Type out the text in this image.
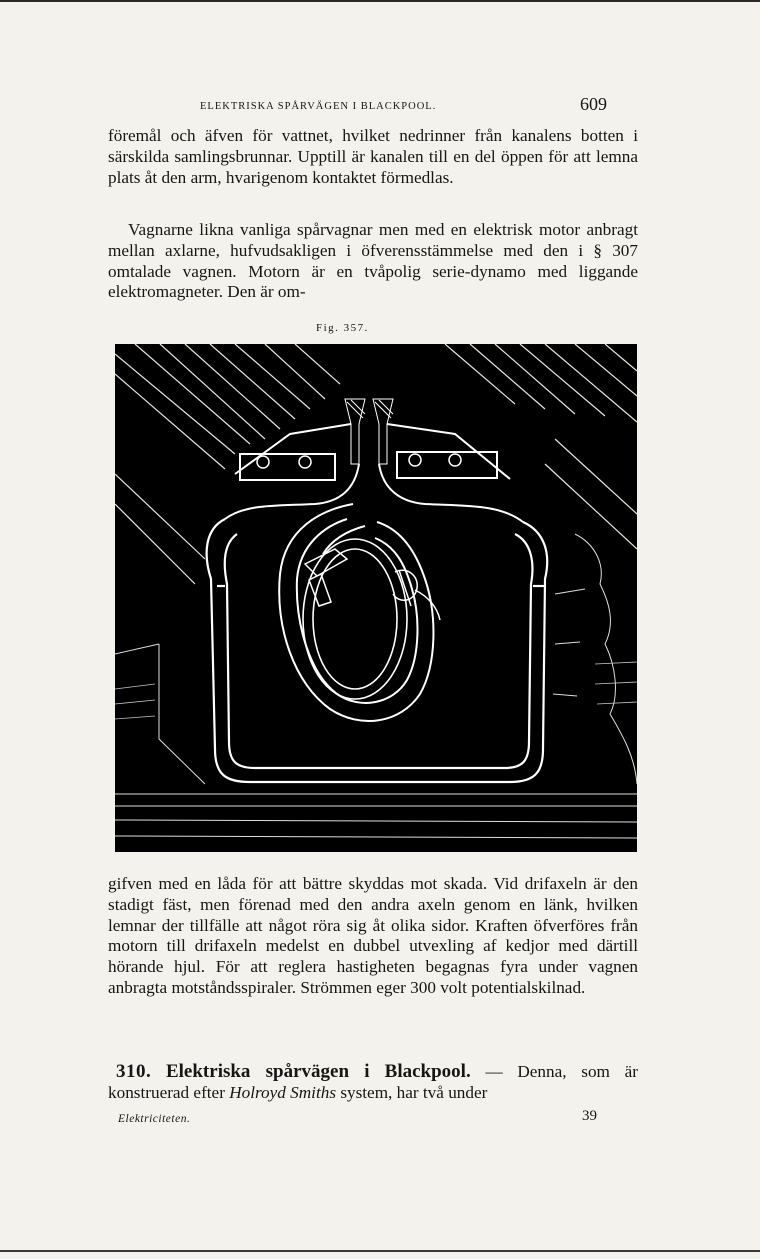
ELEKTRISKA SPÅRVÄGEN I BLACKPOOL.	609

föremål och äfven för vattnet, hvilket nedrinner från kanalens botten i särskilda samlingsbrunnar. Upptill är kanalen till en del öppen för att lemna plats åt den arm, hvarigenom kontaktet förmedlas.

Vagnarne likna vanliga spårvagnar men med en elektrisk motor anbragt mellan axlarne, hufvudsakligen i öfverensstämmelse med den i § 307 omtalade vagnen. Motorn är en tvåpolig serie-dynamo med liggande elektromagneter. Den är om-

Fig. 357.

gifven med en låda för att bättre skyddas mot skada. Vid drifaxeln är den stadigt fäst, men förenad med den andra axeln genom en länk, hvilken lemnar der tillfälle att något röra sig åt olika sidor. Kraften öfverföres från motorn till drifaxeln medelst en dubbel utvexling af kedjor med därtill hörande hjul. För att reglera hastigheten begagnas fyra under vagnen anbragta motståndsspiraler. Strömmen eger 300 volt potentialskilnad.

310. Elektriska spårvägen i Blackpool. — Denna, som är konstruerad efter Holroyd Smiths system, har två under

Elektriciteten.	39
